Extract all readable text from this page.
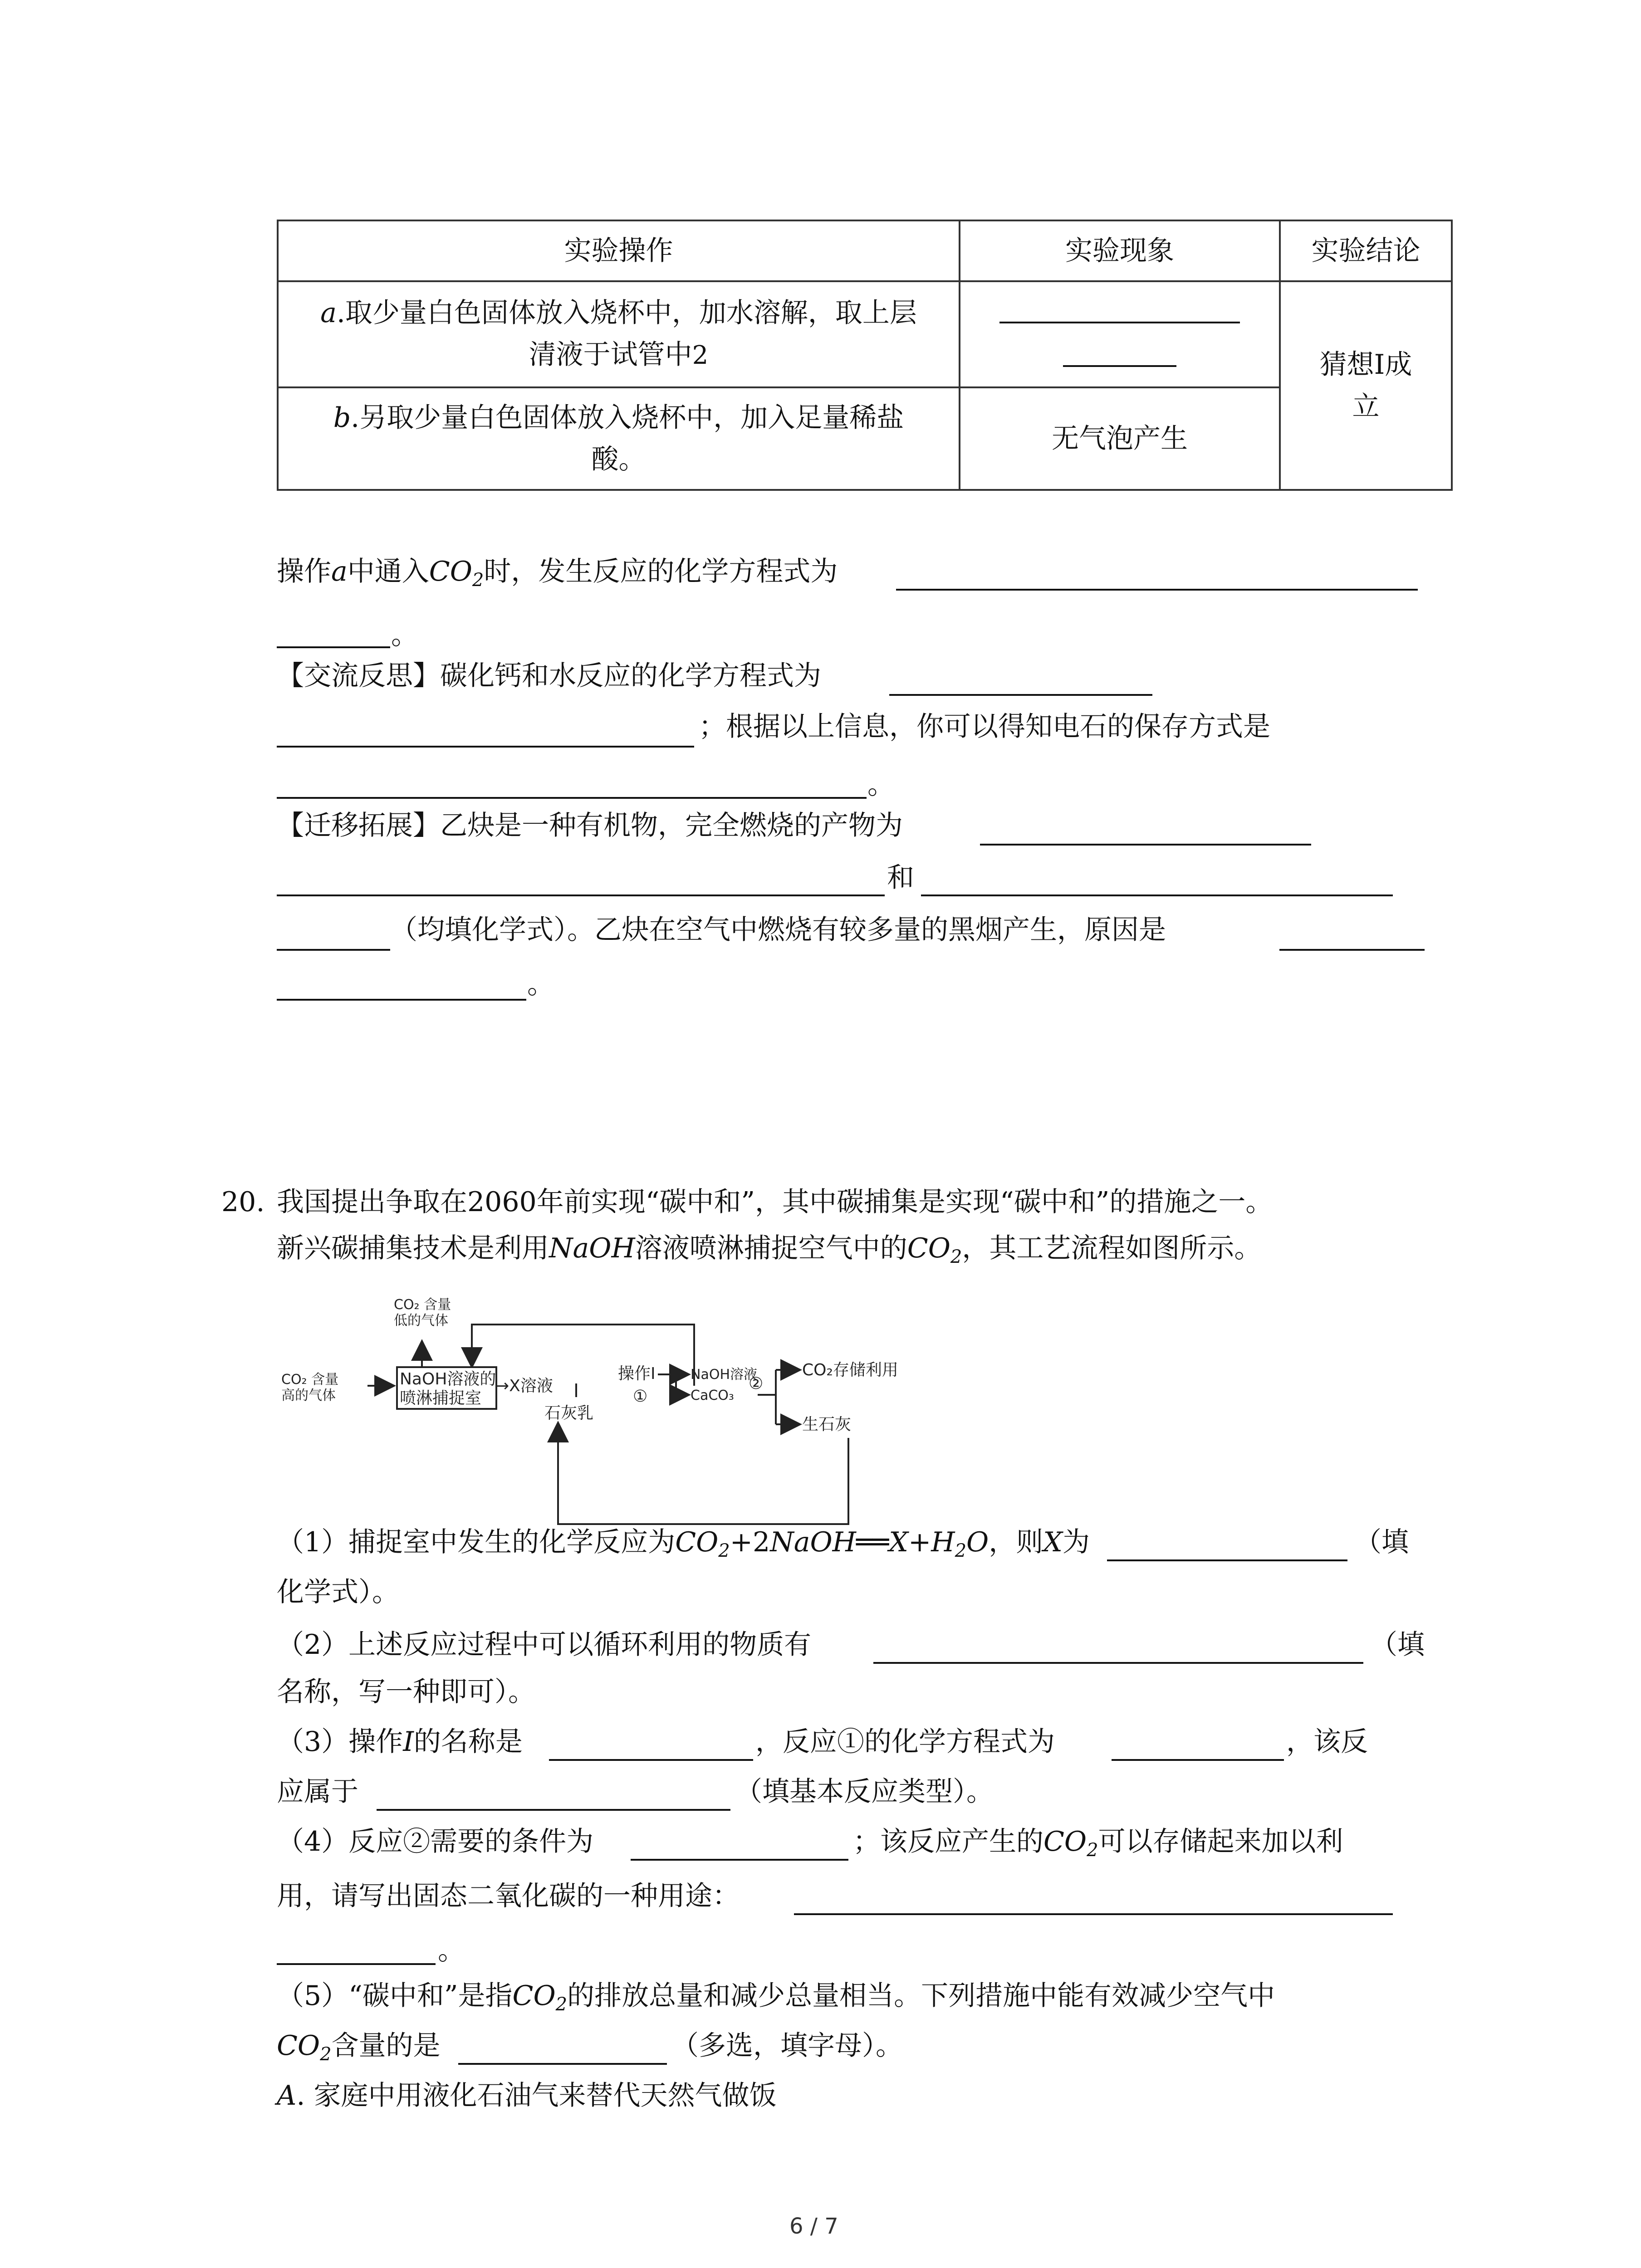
实验操作	实验现象	实验结论
a.取少量白色固体放入烧杯中，加水溶解，取上层
清液于试管中2		猜想Ⅰ成
立
b.另取少量白色固体放入烧杯中，加入足量稀盐
酸。	无气泡产生	
操作a中通入$CO_2$时，发生反应的化学方程式为
。
【交流反思】碳化钙和水反应的化学方程式为
；根据以上信息，你可以得知电石的保存方式是
。
【迁移拓展】乙炔是一种有机物，完全燃烧的产物为
和
（均填化学式）。乙炔在空气中燃烧有较多量的黑烟产生，原因是
。
20. 我国提出争取在2060年前实现“碳中和”，其中碳捕集是实现“碳中和”的措施之一。
新兴碳捕集技术是利用NaOH溶液喷淋捕捉空气中的$CO_2$，其工艺流程如图所示。
CO₂ 含量
低的气体
CO₂ 含量
高的气体
NaOH溶液的
喷淋捕捉室
→X溶液
石灰乳
操作I
①
NaOH溶液
CaCO₃
②
CO₂存储利用
生石灰
（1）捕捉室中发生的化学反应为$CO_2+2NaOH══X+H_2O$，则X为	（填
化学式）。
（2）上述反应过程中可以循环利用的物质有	（填
名称，写一种即可）。
（3）操作I的名称是	，反应①的化学方程式为	，该反
应属于	（填基本反应类型）。
（4）反应②需要的条件为	；该反应产生的$CO_2$可以存储起来加以利
用，请写出固态二氧化碳的一种用途：
。
（5）“碳中和”是指$CO_2$的排放总量和减少总量相当。下列措施中能有效减少空气中
$CO_2$含量的是	（多选，填字母）。
A. 家庭中用液化石油气来替代天然气做饭
6 / 7
